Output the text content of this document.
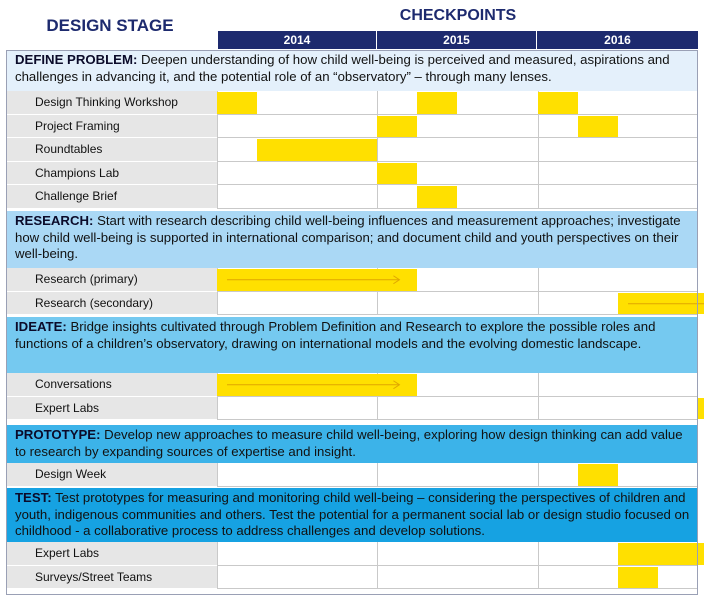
DESIGN STAGE
CHECKPOINTS
2014	2015	2016
DEFINE PROBLEM: Deepen understanding of how child well-being is perceived and measured, aspirations and challenges in advancing it, and the potential role of an “observatory” – through many lenses.
Design Thinking Workshop
Project Framing
Roundtables
Champions Lab
Challenge Brief
RESEARCH: Start with research describing child well-being influences and measurement approaches; investigate how child well-being is supported in international comparison; and document child and youth perspectives on their well-being.
Research (primary)
Research (secondary)
IDEATE: Bridge insights cultivated through Problem Definition and Research to explore the possible roles and functions of a children’s observatory, drawing on international models and the evolving domestic landscape.
Conversations
Expert Labs
PROTOTYPE: Develop new approaches to measure child well-being, exploring how design thinking can add value to research by expanding sources of expertise and insight.
Design Week
TEST: Test prototypes for measuring and monitoring child well-being – considering the perspectives of children and youth, indigenous communities and others. Test the potential for a permanent social lab or design studio focused on childhood - a collaborative process to address challenges and develop solutions.
Expert Labs
Surveys/Street Teams
